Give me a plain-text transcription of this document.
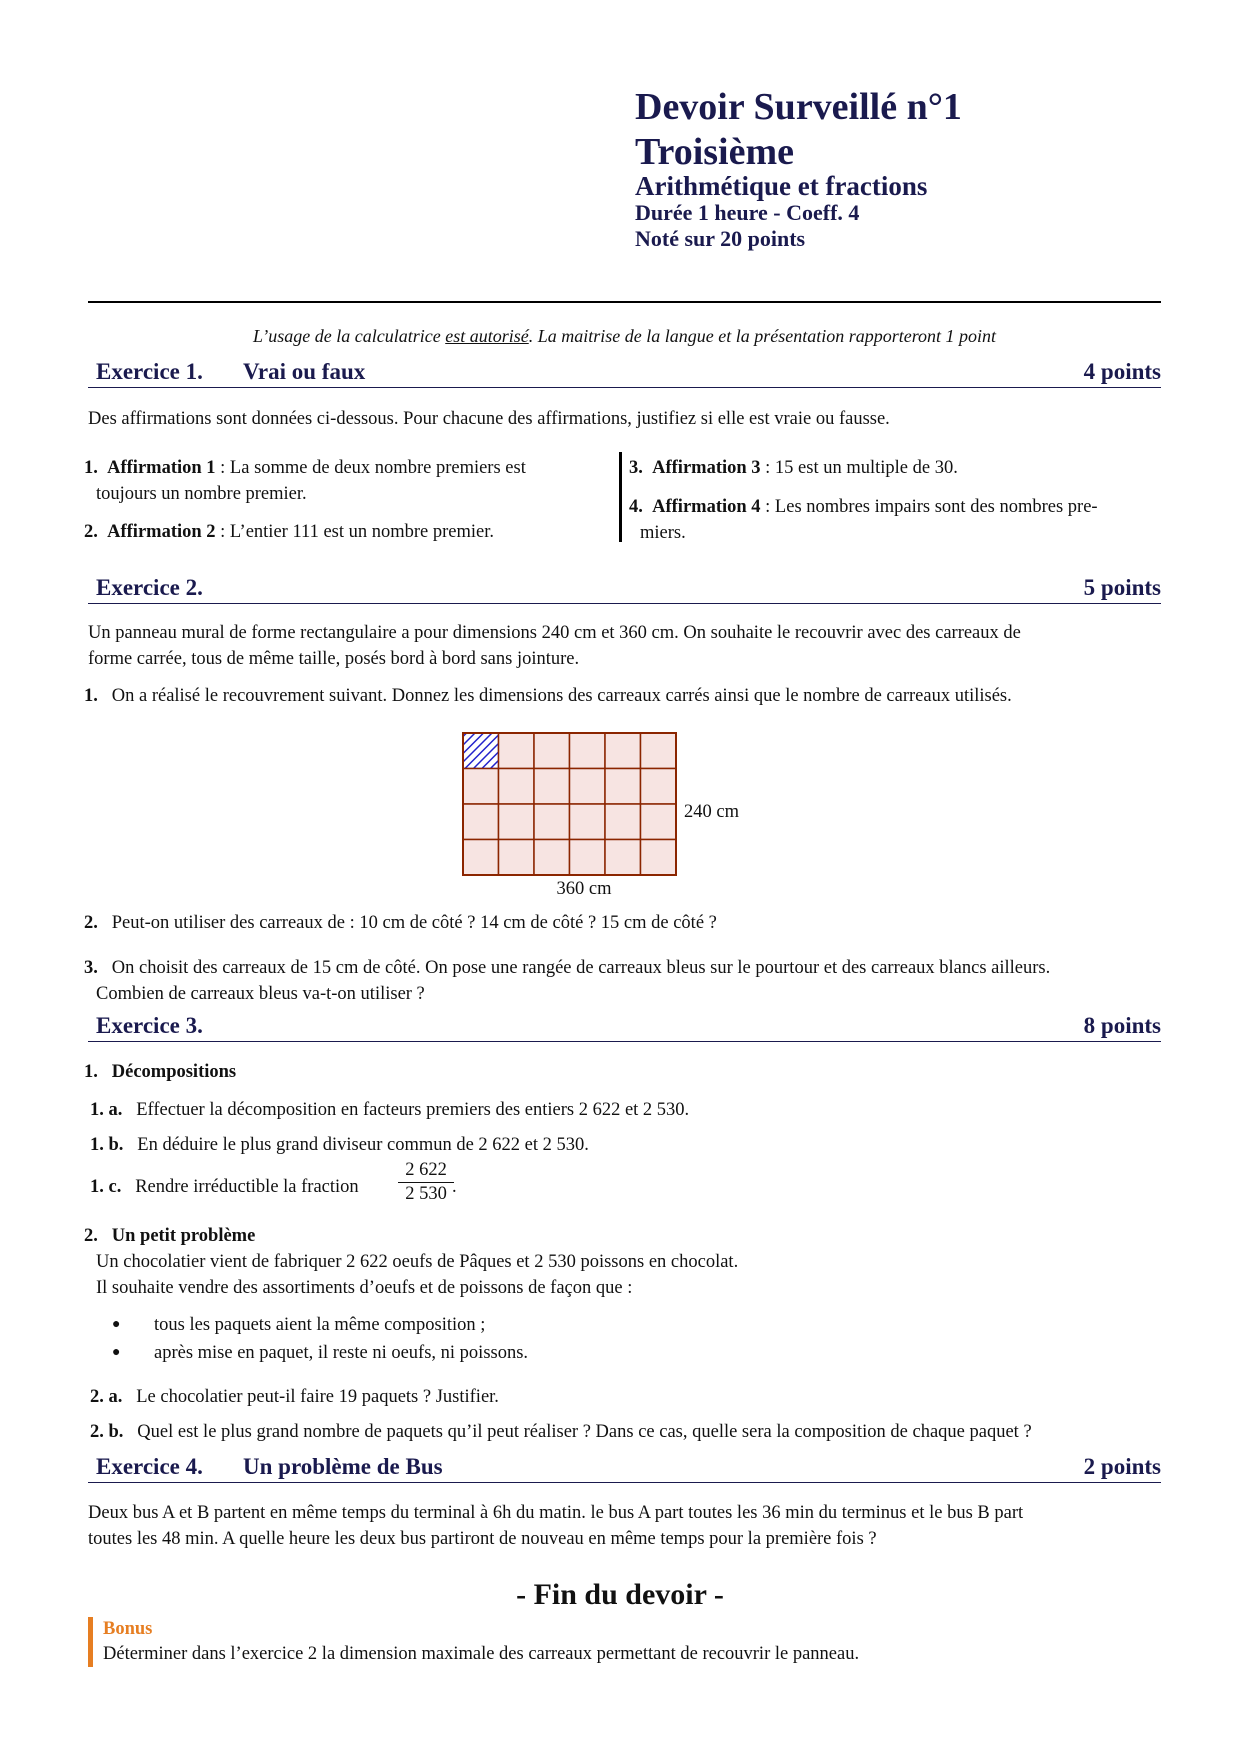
Devoir Surveillé n°1
Troisième
Arithmétique et fractions
Durée 1 heure - Coeff. 4
Noté sur 20 points
L’usage de la calculatrice est autorisé. La maitrise de la langue et la présentation rapporteront 1 point
Exercice 1. Vrai ou faux	4 points
Des affirmations sont données ci-dessous. Pour chacune des affirmations, justifiez si elle est vraie ou fausse.
1. Affirmation 1 : La somme de deux nombre premiers est
toujours un nombre premier.
2. Affirmation 2 : L’entier 111 est un nombre premier.
3. Affirmation 3 : 15 est un multiple de 30.
4. Affirmation 4 : Les nombres impairs sont des nombres pre-
miers.
Exercice 2.	5 points
Un panneau mural de forme rectangulaire a pour dimensions 240 cm et 360 cm. On souhaite le recouvrir avec des carreaux de
forme carrée, tous de même taille, posés bord à bord sans jointure.
1. On a réalisé le recouvrement suivant. Donnez les dimensions des carreaux carrés ainsi que le nombre de carreaux utilisés.
240 cm
360 cm
2. Peut-on utiliser des carreaux de : 10 cm de côté ? 14 cm de côté ? 15 cm de côté ?
3. On choisit des carreaux de 15 cm de côté. On pose une rangée de carreaux bleus sur le pourtour et des carreaux blancs ailleurs.
Combien de carreaux bleus va-t-on utiliser ?
Exercice 3.	8 points
1. Décompositions
1. a. Effectuer la décomposition en facteurs premiers des entiers 2 622 et 2 530.
1. b. En déduire le plus grand diviseur commun de 2 622 et 2 530.
1. c. Rendre irréductible la fraction
2 622
2 530 .
2. Un petit problème
Un chocolatier vient de fabriquer 2 622 oeufs de Pâques et 2 530 poissons en chocolat.
Il souhaite vendre des assortiments d’oeufs et de poissons de façon que :
● tous les paquets aient la même composition ;
● après mise en paquet, il reste ni oeufs, ni poissons.
2. a. Le chocolatier peut-il faire 19 paquets ? Justifier.
2. b. Quel est le plus grand nombre de paquets qu’il peut réaliser ? Dans ce cas, quelle sera la composition de chaque paquet ?
Exercice 4. Un problème de Bus	2 points
Deux bus A et B partent en même temps du terminal à 6h du matin. le bus A part toutes les 36 min du terminus et le bus B part
toutes les 48 min. A quelle heure les deux bus partiront de nouveau en même temps pour la première fois ?
- Fin du devoir -
Bonus
Déterminer dans l’exercice 2 la dimension maximale des carreaux permettant de recouvrir le panneau.
